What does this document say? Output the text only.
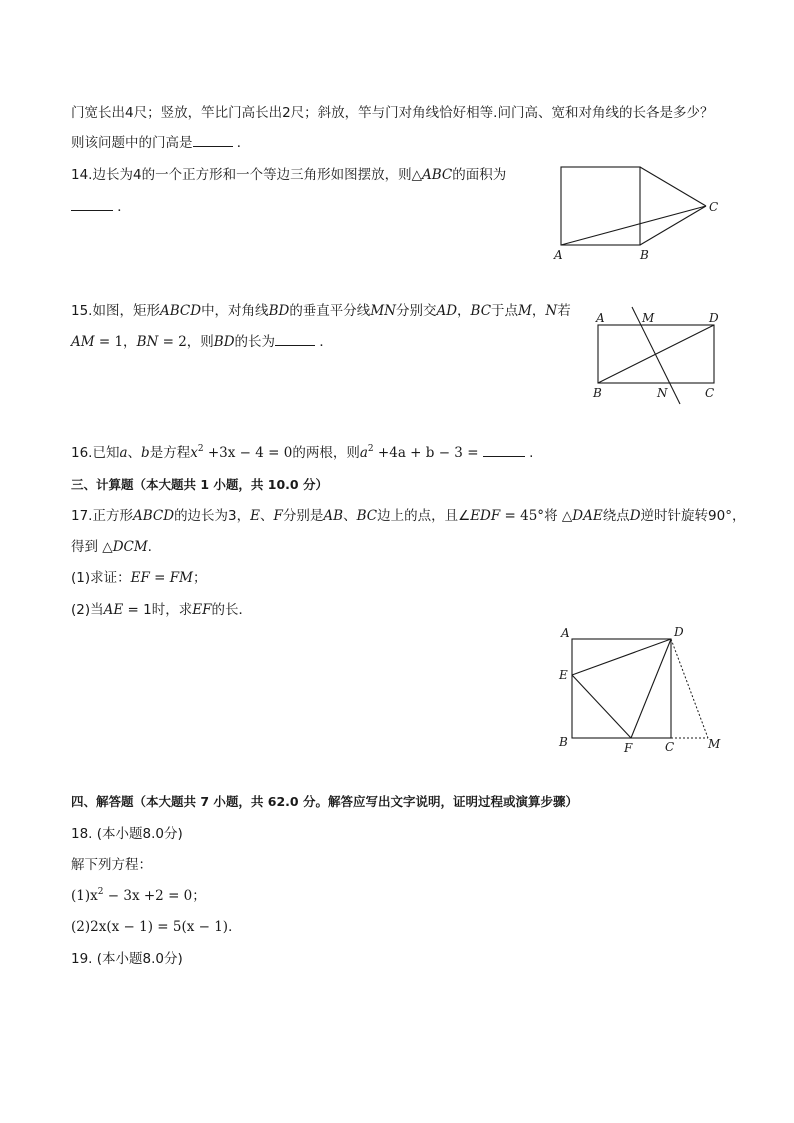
门宽长出4尺；竖放，竿比门高长出2尺；斜放，竿与门对角线恰好相等.问门高、宽和对角线的长各是多少？
则该问题中的门高是	．
14.边长为4的一个正方形和一个等边三角形如图摆放，则△ABC的面积为
．
A	B
C
15.如图，矩形ABCD中，对角线BD的垂直平分线MN分别交AD，BC于点M，N若
AM = 1，BN = 2，则BD的长为	．
A	M	D
B	N	C
16.已知a、b是方程$x^2 +3x - 4 = 0$的两根，则$a^2 +4a + b - 3$ =	.
三、计算题（本大题共 1 小题，共 10.0 分）
17.正方形ABCD的边长为3，E、F分别是AB、BC边上的点，且∠EDF = 45°将 △DAE绕点D逆时针旋转90°，
得到 △DCM.
(1)求证：EF = FM；
(2)当AE = 1时，求EF的长．
A	D
E
B	F	C	M
四、解答题（本大题共 7 小题，共 62.0 分。解答应写出文字说明，证明过程或演算步骤）
18. (本小题8.0分)
解下列方程：
$(1)x^2 - 3x +2 = 0$；
(2)2x(x − 1) = 5(x − 1)．
19. (本小题8.0分)
